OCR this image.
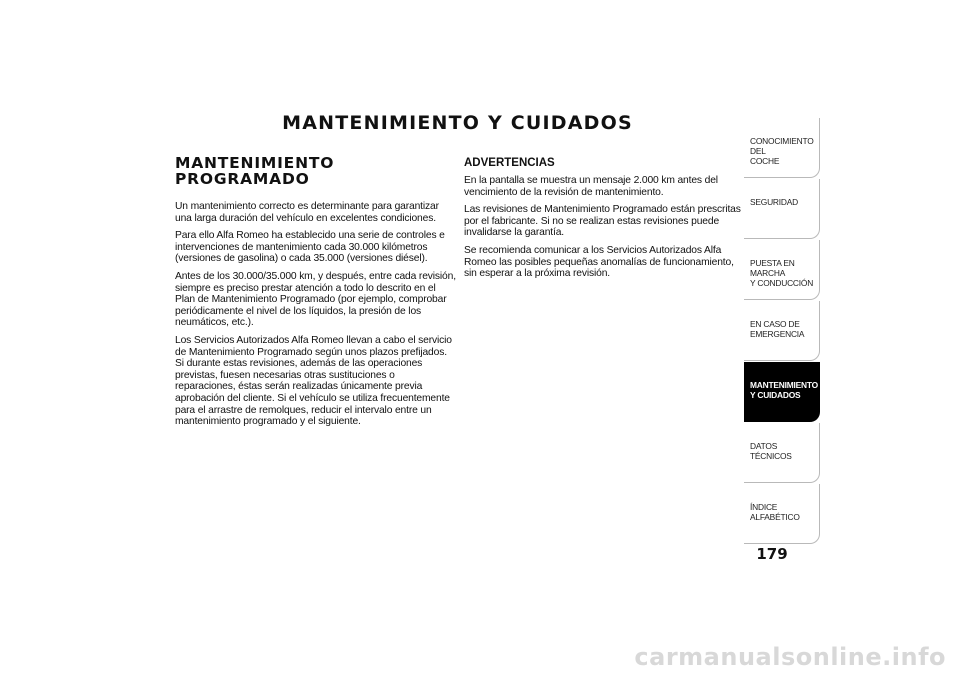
MANTENIMIENTO Y CUIDADOS
MANTENIMIENTO
PROGRAMADO

Un mantenimiento correcto es determinante para garantizar una larga duración del vehículo en excelentes condiciones.

Para ello Alfa Romeo ha establecido una serie de controles e intervenciones de mantenimiento cada 30.000 kilómetros (versiones de gasolina) o cada 35.000 (versiones diésel).

Antes de los 30.000/35.000 km, y después, entre cada revisión, siempre es preciso prestar atención a todo lo descrito en el Plan de Mantenimiento Programado (por ejemplo, comprobar periódicamente el nivel de los líquidos, la presión de los neumáticos, etc.).

Los Servicios Autorizados Alfa Romeo llevan a cabo el servicio de Mantenimiento Programado según unos plazos prefijados. Si durante estas revisiones, además de las operaciones previstas, fuesen necesarias otras sustituciones o reparaciones, éstas serán realizadas únicamente previa aprobación del cliente. Si el vehículo se utiliza frecuentemente para el arrastre de remolques, reducir el intervalo entre un mantenimiento programado y el siguiente.

ADVERTENCIAS

En la pantalla se muestra un mensaje 2.000 km antes del vencimiento de la revisión de mantenimiento.

Las revisiones de Mantenimiento Programado están prescritas por el fabricante. Si no se realizan estas revisiones puede invalidarse la garantía.

Se recomienda comunicar a los Servicios Autorizados Alfa Romeo las posibles pequeñas anomalías de funcionamiento, sin esperar a la próxima revisión.

CONOCIMIENTO DEL
COCHE
SEGURIDAD
PUESTA EN MARCHA
Y CONDUCCIÓN
EN CASO DE
EMERGENCIA
MANTENIMIENTO
Y CUIDADOS
DATOS TÉCNICOS
ÍNDICE ALFABÉTICO
179
carmanualsonline.info
